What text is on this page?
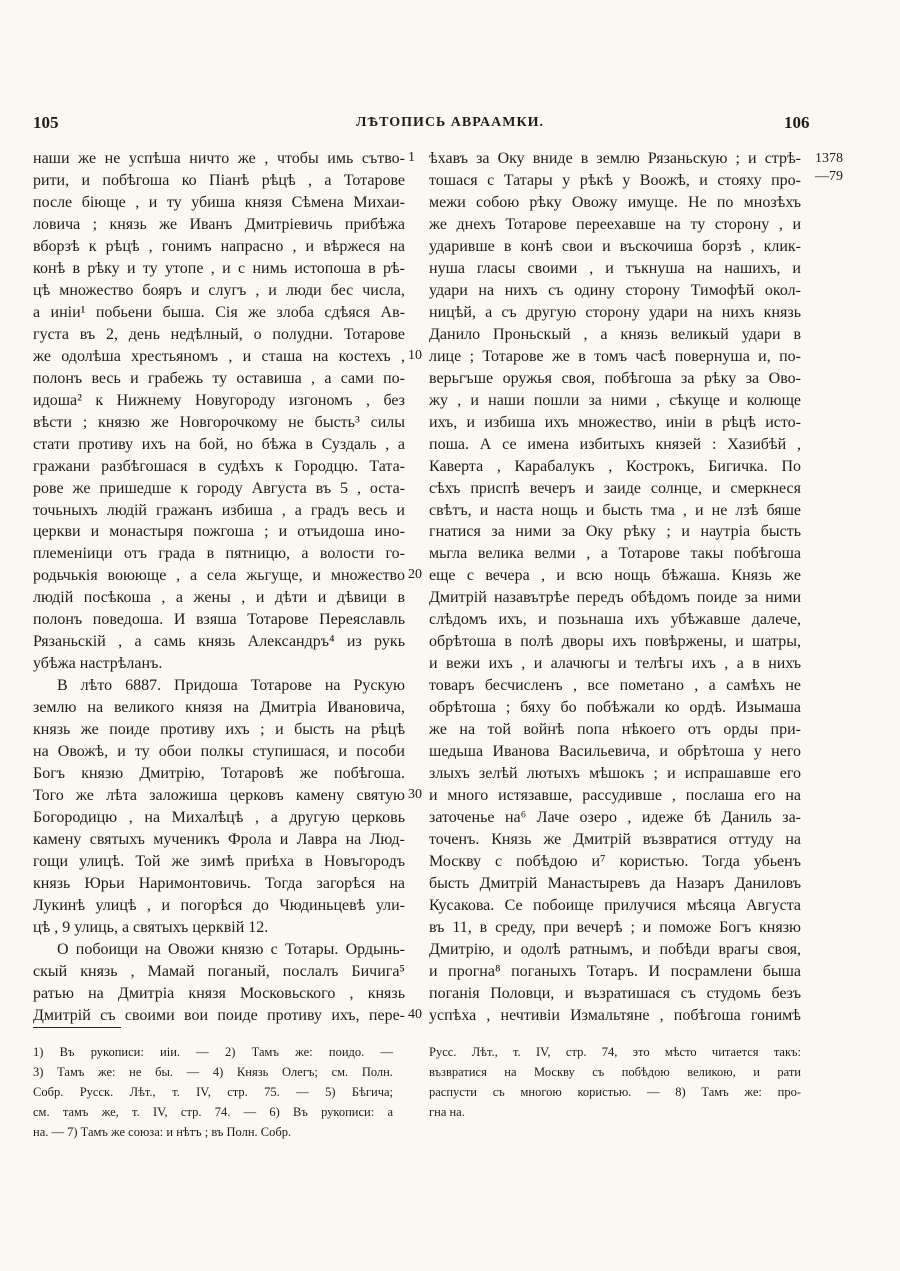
105	ЛѢТОПИСЬ АВРААМКИ.	106
наши же не успѣша ничто же , чтобы имь сътво-
рити, и побѣгоша ко Піанѣ рѣцѣ , а Тотарове
после біюще , и ту убиша князя Сѣмена Михаи-
ловича ; князь же Иванъ Дмитріевичь прибѣжа
вборзѣ к рѣцѣ , гонимъ напрасно , и вѣржеся на
конѣ в рѣку и ту утопе , и с нимь истопоша в рѣ-
цѣ множество бояръ и слугъ , и люди бес числа,
а иніи¹ побьени быша. Сія же злоба сдѣяся Ав-
густа въ 2, день недѣлный, о полудни. Тотарове
же одолѣша хрестьяномъ , и сташа на костехъ ,
полонъ весь и грабежь ту оставиша , а сами по-
идоша² к Нижнему Новугороду изгономъ , без
вѣсти ; князю же Новгорочкому не бысть³ силы
стати противу ихъ на бой, но бѣжа в Суздаль , а
гражани разбѣгошася в судѣхъ к Городцю. Тата-
рове же пришедше к городу Августа въ 5 , оста-
точьныхъ людій гражанъ избиша , а градъ весь и
церкви и монастыря пожгоша ; и отъидоша ино-
племеніици отъ града в пятницю, а волости го-
родьчькія воююще , а села жьгуще, и множество
людій посѣкоша , а жены , и дѣти и дѣвици в
полонъ поведоша. И взяша Тотарове Переяславль
Рязаньскій , а самь князь Александръ⁴ из рукь
убѣжа настрѣланъ.
В лѣто 6887. Придоша Тотарове на Рускую
землю на великого князя на Дмитріа Ивановича,
князь же поиде противу ихъ ; и бысть на рѣцѣ
на Овожѣ, и ту обои полкы ступишася, и пособи
Богъ князю Дмитрію, Тотаровѣ же побѣгоша.
Того же лѣта заложиша церковъ камену святую
Богородицю , на Михалѣцѣ , а другую церковь
камену святыхъ мученикъ Фрола и Лавра на Люд-
гощи улицѣ. Той же зимѣ приѣха в Новъгородъ
князь Юрьи Наримонтовичь. Тогда загорѣся на
Лукинѣ улицѣ , и погорѣся до Чюдиньцевѣ ули-
цѣ , 9 улиць, а святыхъ церквій 12.
О побоищи на Овожи князю с Тотары. Ордынь-
скый князь , Мамай поганый, послалъ Бичига⁵
ратью на Дмитріа князя Московьского , князь
Дмитрій съ своими вои поиде противу ихъ, пере-
1
10
20
30
40
ѣхавъ за Оку вниде в землю Рязаньскую ; и стрѣ-
тошася с Татары у рѣкѣ у Воожѣ, и стояху про-
межи собою рѣку Овожу имущe. Не по мнозѣхъ
же днехъ Тотарове переехавше на ту сторону , и
ударивше в конѣ свои и въскочиша борзѣ , клик-
нуша гласы своими , и тъкнуша на нашихъ, и
удари на нихъ съ одину сторону Тимофѣй окол-
ницѣй, а съ другую сторону удари на нихъ князь
Данило Проньскый , а князь великый удари в
лице ; Тотарове же в томъ часѣ повернуша и, по-
верьгъше оружья своя, побѣгоша за рѣку за Ово-
жу , и наши пошли за ними , сѣкуще и колюще
ихъ, и избиша ихъ множество, иніи в рѣцѣ исто-
поша. А се имена избитыхъ князей : Хазибѣй ,
Каверта , Карабалукъ , Кострокъ, Бигичка. По
сѣхъ приспѣ вечеръ и заиде солнце, и смеркнеся
свѣтъ, и наста нощь и бысть тма , и не лзѣ бяше
гнатися за ними за Оку рѣку ; и наутріа бысть
мьгла велика велми , а Тотарове такы побѣгоша
еще с вечера , и всю нощь бѣжаша. Князь же
Дмитрій назавътрѣе передъ обѣдомъ поиде за ними
слѣдомъ ихъ, и позьнаша ихъ убѣжавше далече,
обрѣтоша в полѣ дворы ихъ повѣржены, и шатры,
и вежи ихъ , и алачюгы и телѣгы ихъ , а в нихъ
товаръ бесчисленъ , все пометано , а самѣхъ не
обрѣтоша ; бяху бо побѣжали ко ордѣ. Изымаша
же на той войнѣ попа нѣкоего отъ орды при-
шедьша Иванова Васильевича, и обрѣтоша у него
злыхъ зелѣй лютыхъ мѣшокъ ; и испрашавше его
и много истязавше, рассудивше , послаша его на
заточенье на⁶ Лаче озеро , идеже бѣ Даниль за-
точенъ. Князь же Дмитрій възвратися оттуду на
Москву с побѣдою и⁷ користью. Тогда убьенъ
бысть Дмитрій Манастыревъ да Назаръ Даниловъ
Кусакова. Се побоище прилучися мѣсяца Августа
въ 11, в среду, при вечерѣ ; и поможе Богъ князю
Дмитрію, и одолѣ ратнымъ, и побѣди врагы своя,
и прогна⁸ поганыхъ Тотаръ. И посрамлени быша
поганія Половци, и възратишася съ студомь безъ
успѣха , нечтивіи Измальтяне , побѣгоша гонимѣ
1378
—79
1) Въ рукописи: иіи. — 2) Тамъ же: поидо. —
3) Тамъ же: не бы. — 4) Князь Олегъ; см. Полн.
Собр. Русск. Лѣт., т. IV, стр. 75. — 5) Бѣгича;
см. тамъ же, т. IV, стр. 74. — 6) Въ рукописи: а
на. — 7) Тамъ же союза: и нѣтъ ; въ Полн. Собр.
Русс. Лѣт., т. IV, стр. 74, это мѣсто читается такъ:
възвратися на Москву съ побѣдою великою, и рати
распусти съ многою користью. — 8) Тамъ же: про-
гна на.
